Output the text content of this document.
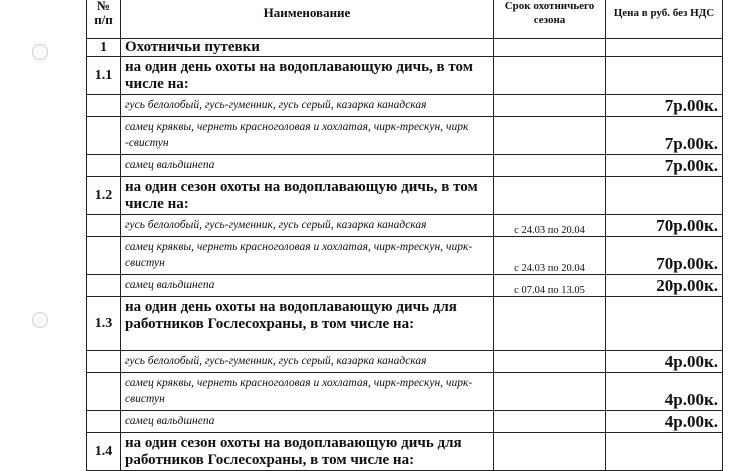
№ п/п	Наименование	Срок охотничьего сезона	Цена в руб. без НДС
1	Охотничьи путевки		
1.1	на один день охоты на водоплавающую дичь, в том числе на:		
	гусь белолобый, гусь-гуменник, гусь серый, казарка канадская		7р.00к.
	самец кряквы, чернеть красноголовая и хохлатая, чирк-трескун, чирк -свистун		7р.00к.
	самец вальдшнепа		7р.00к.
1.2	на один сезон охоты на водоплавающую дичь, в том числе на:		
	гусь белолобый, гусь-гуменник, гусь серый, казарка канадская	с 24.03 по 20.04	70р.00к.
	самец кряквы, чернеть красноголовая и хохлатая, чирк-трескун, чирк-свистун	с 24.03 по 20.04	70р.00к.
	самец вальдшнепа	с 07.04 по 13.05	20р.00к.
1.3	на один день охоты на водоплавающую дичь для работников Гослесохраны, в том числе на:		
	гусь белолобый, гусь-гуменник, гусь серый, казарка канадская		4р.00к.
	самец кряквы, чернеть красноголовая и хохлатая, чирк-трескун, чирк-свистун		4р.00к.
	самец вальдшнепа		4р.00к.
1.4	на один сезон охоты на водоплавающую дичь для работников Гослесохраны, в том числе на:		
